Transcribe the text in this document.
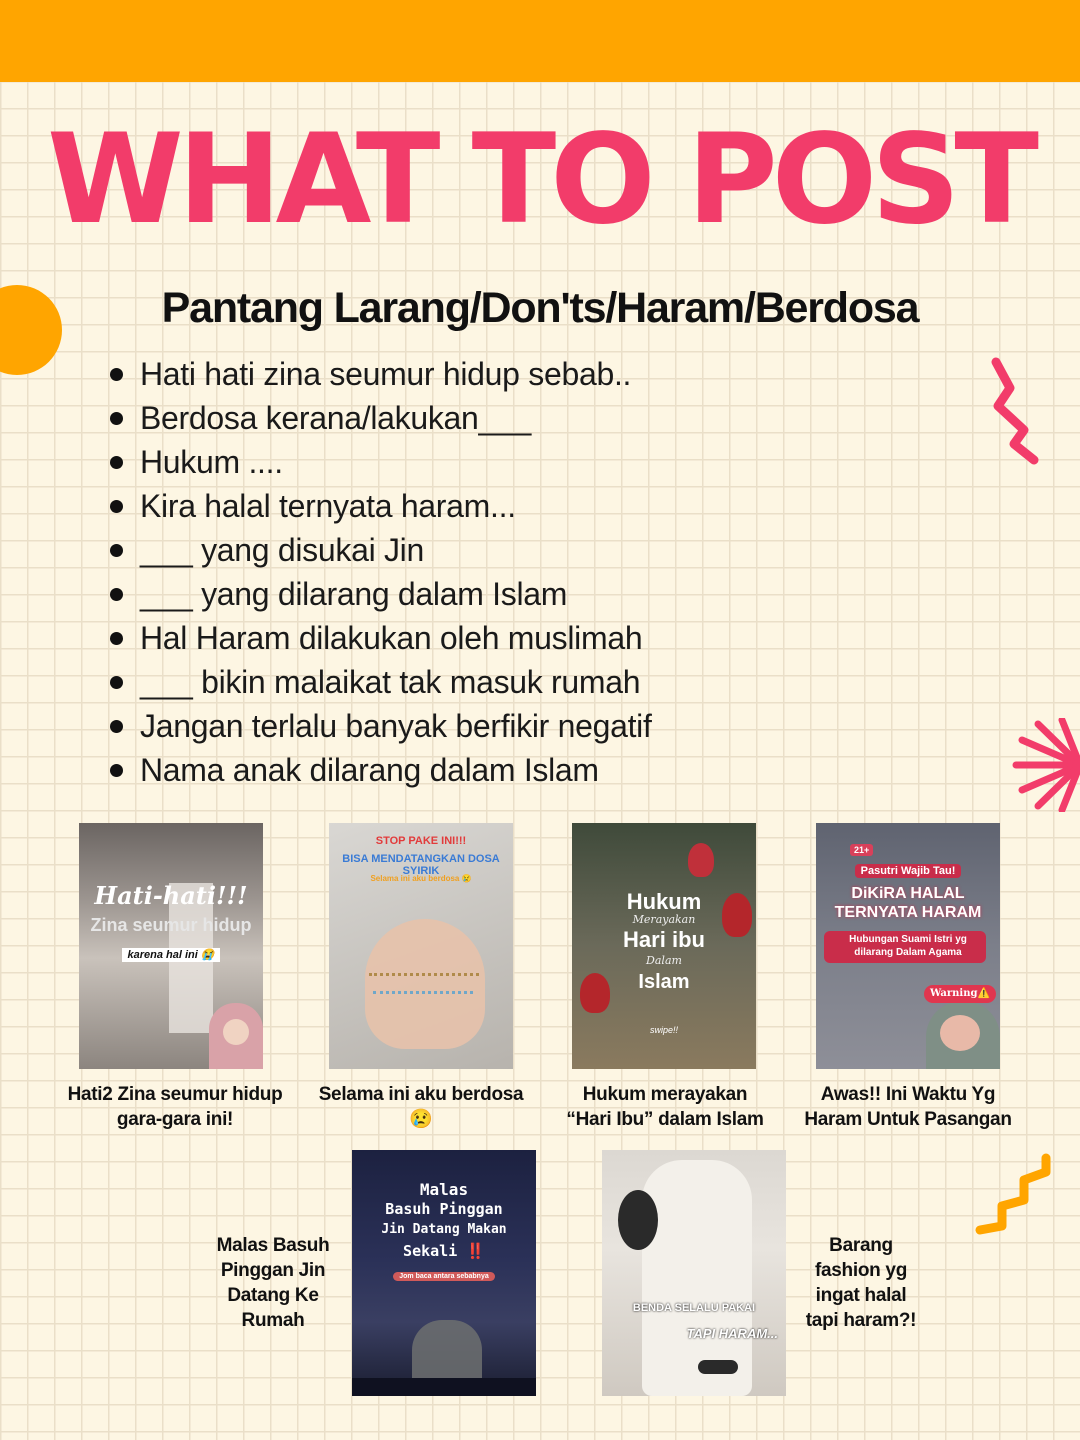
WHAT TO POST
Pantang Larang/Don'ts/Haram/Berdosa
Hati hati zina seumur hidup sebab..
Berdosa kerana/lakukan___
Hukum ....
Kira halal ternyata haram...
___ yang disukai Jin
___ yang dilarang dalam Islam
Hal Haram dilakukan oleh muslimah
___ bikin malaikat tak masuk rumah
Jangan terlalu banyak berfikir negatif
Nama anak dilarang dalam Islam
Hati-hati!!!
Zina seumur hidup
karena hal ini 😭
Hati2 Zina seumur hidup
gara-gara ini!
STOP PAKE INI!!!
BISA MENDATANGKAN DOSA SYIRIK
Selama ini aku berdosa 😢
Selama ini aku berdosa
😢
Hukum
Merayakan
Hari ibu
Dalam
Islam
swipe!!
Hukum merayakan
“Hari Ibu” dalam Islam
21+
Pasutri Wajib Tau!
DiKiRA HALAL
TERNYATA HARAM
Hubungan Suami Istri yg
dilarang Dalam Agama
Warning⚠️
Awas!! Ini Waktu Yg
Haram Untuk Pasangan
Malas Basuh
Pinggan Jin
Datang Ke
Rumah
Malas
Basuh Pinggan
Jin Datang Makan
Sekali ‼️
Jom baca antara sebabnya
BENDA SELALU PAKAI
TAPI HARAM...
Barang
fashion yg
ingat halal
tapi haram?!
